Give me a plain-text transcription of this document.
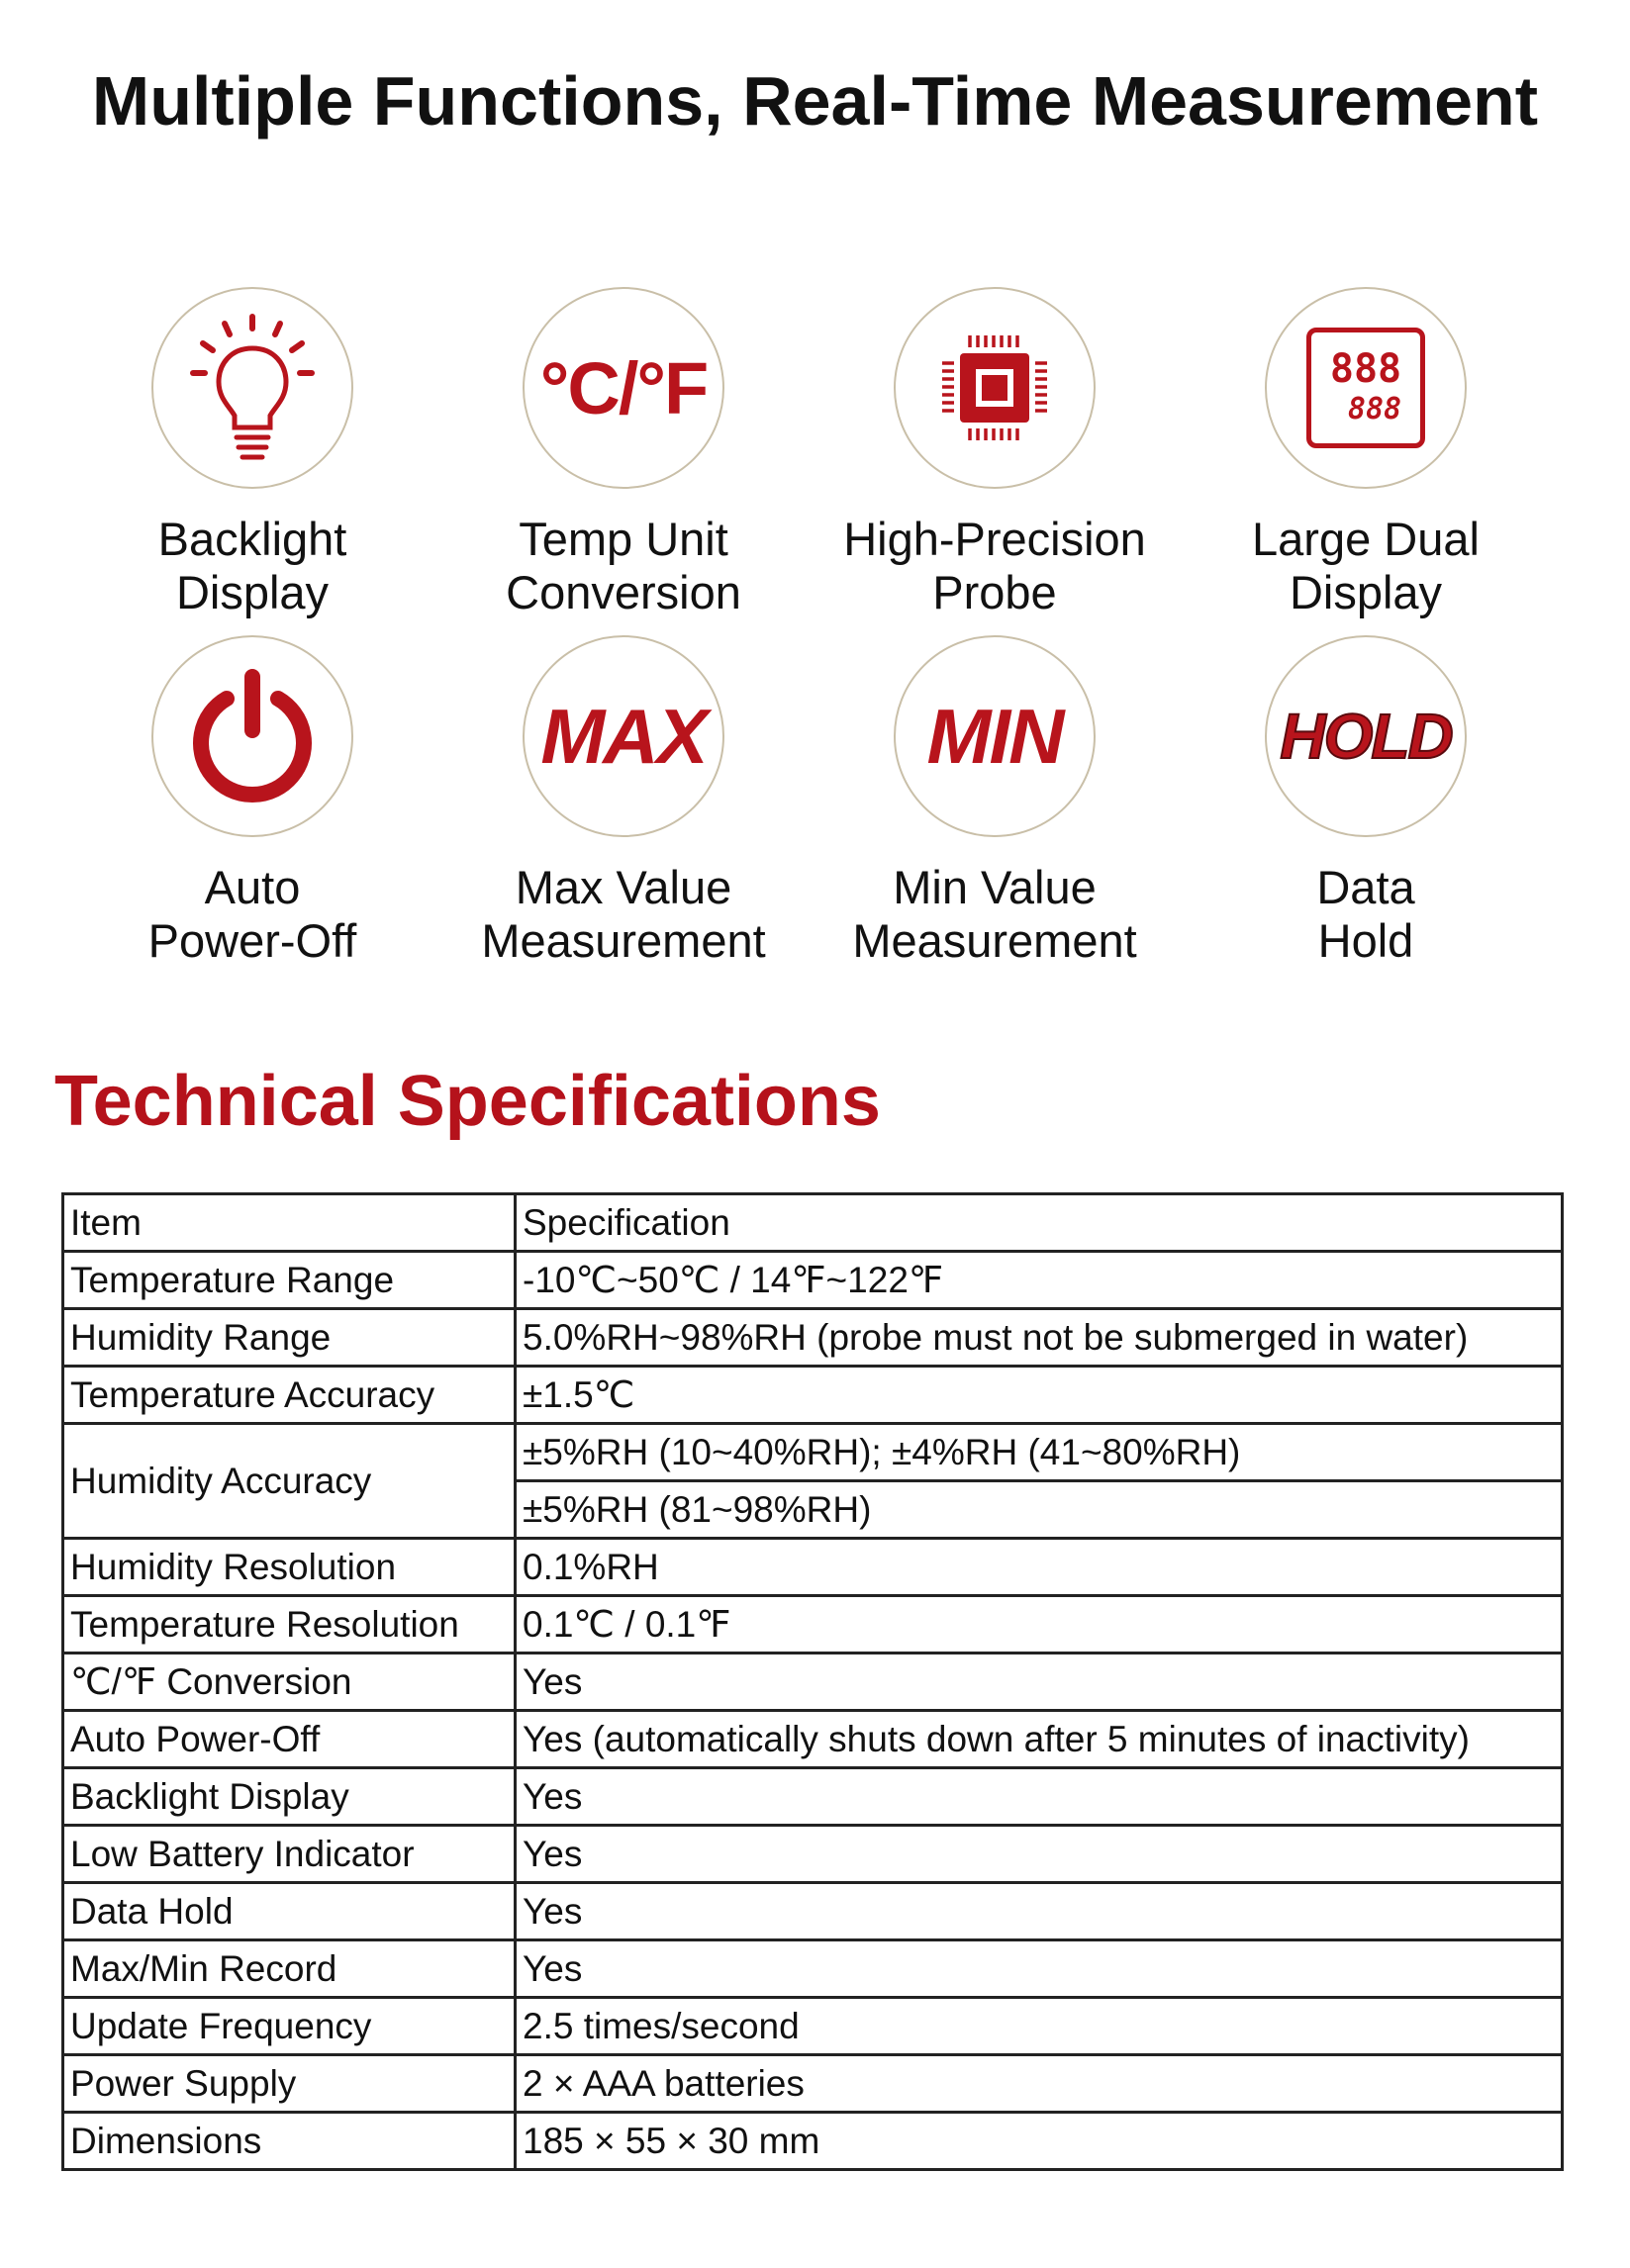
Multiple Functions, Real-Time Measurement
Backlight
Display
°C/°F
Temp Unit
Conversion
High-Precision
Probe
888
888
Large Dual
Display
Auto
Power-Off
MAX
Max Value
Measurement
MIN
Min Value
Measurement
HOLD
Data
Hold
Technical Specifications
Item	Specification
Temperature Range	-10℃~50℃ / 14℉~122℉
Humidity Range	5.0%RH~98%RH (probe must not be submerged in water)
Temperature Accuracy	±1.5℃
Humidity Accuracy	±5%RH (10~40%RH); ±4%RH (41~80%RH)
	±5%RH (81~98%RH)
Humidity Resolution	0.1%RH
Temperature Resolution	0.1℃ / 0.1℉
℃/℉ Conversion	Yes
Auto Power-Off	Yes (automatically shuts down after 5 minutes of inactivity)
Backlight Display	Yes
Low Battery Indicator	Yes
Data Hold	Yes
Max/Min Record	Yes
Update Frequency	2.5 times/second
Power Supply	2 × AAA batteries
Dimensions	185 × 55 × 30 mm
